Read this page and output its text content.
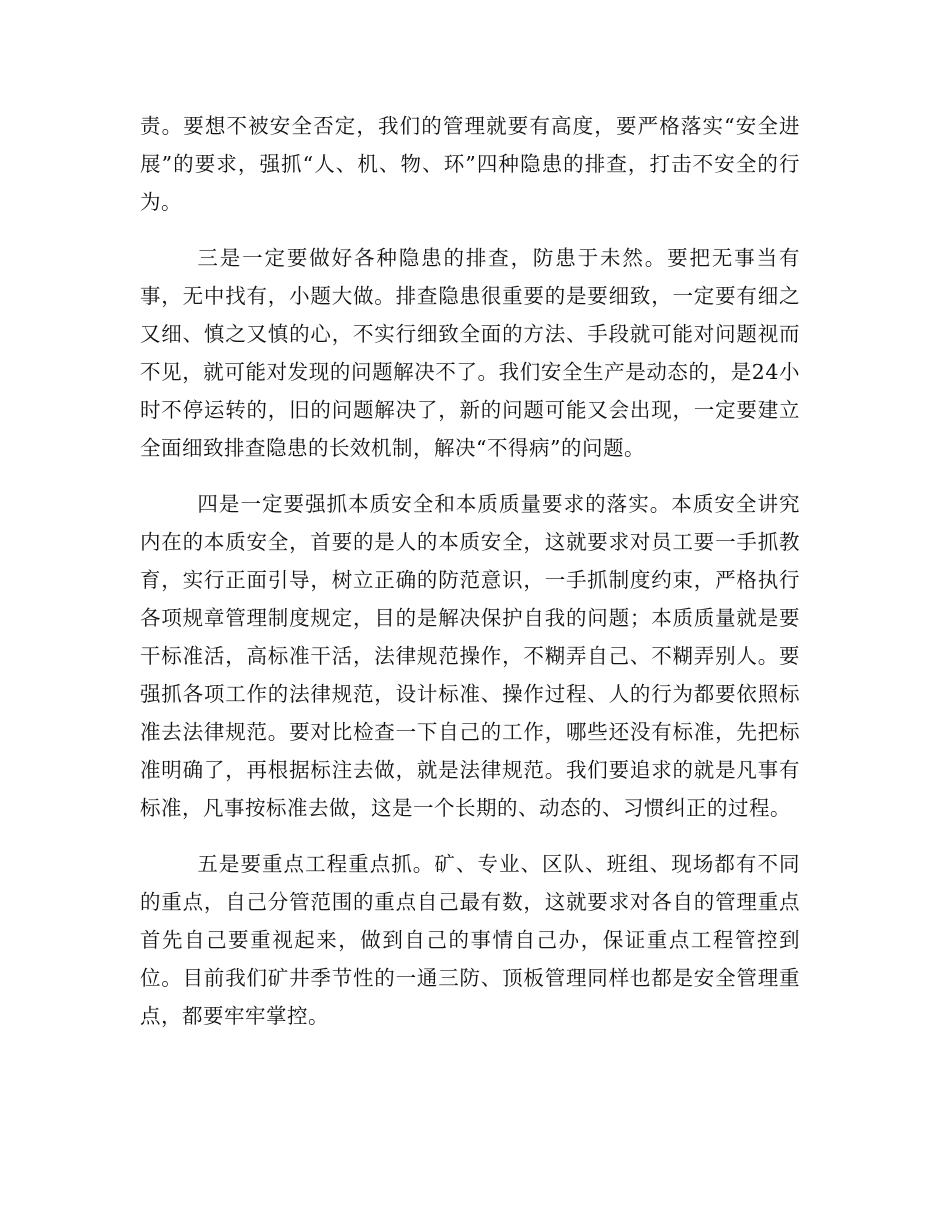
责。要想不被安全否定，我们的管理就要有高度，要严格落实“安全进展”的要求，强抓“人、机、物、环”四种隐患的排查，打击不安全的行为。

三是一定要做好各种隐患的排查，防患于未然。要把无事当有事，无中找有，小题大做。排查隐患很重要的是要细致，一定要有细之又细、慎之又慎的心，不实行细致全面的方法、手段就可能对问题视而不见，就可能对发现的问题解决不了。我们安全生产是动态的，是24小时不停运转的，旧的问题解决了，新的问题可能又会出现，一定要建立全面细致排查隐患的长效机制，解决“不得病”的问题。

四是一定要强抓本质安全和本质质量要求的落实。本质安全讲究内在的本质安全，首要的是人的本质安全，这就要求对员工要一手抓教育，实行正面引导，树立正确的防范意识，一手抓制度约束，严格执行各项规章管理制度规定，目的是解决保护自我的问题；本质质量就是要干标准活，高标准干活，法律规范操作，不糊弄自己、不糊弄别人。要强抓各项工作的法律规范，设计标准、操作过程、人的行为都要依照标准去法律规范。要对比检查一下自己的工作，哪些还没有标准，先把标准明确了，再根据标注去做，就是法律规范。我们要追求的就是凡事有标准，凡事按标准去做，这是一个长期的、动态的、习惯纠正的过程。

五是要重点工程重点抓。矿、专业、区队、班组、现场都有不同的重点，自己分管范围的重点自己最有数，这就要求对各自的管理重点首先自己要重视起来，做到自己的事情自己办，保证重点工程管控到位。目前我们矿井季节性的一通三防、顶板管理同样也都是安全管理重点，都要牢牢掌控。
